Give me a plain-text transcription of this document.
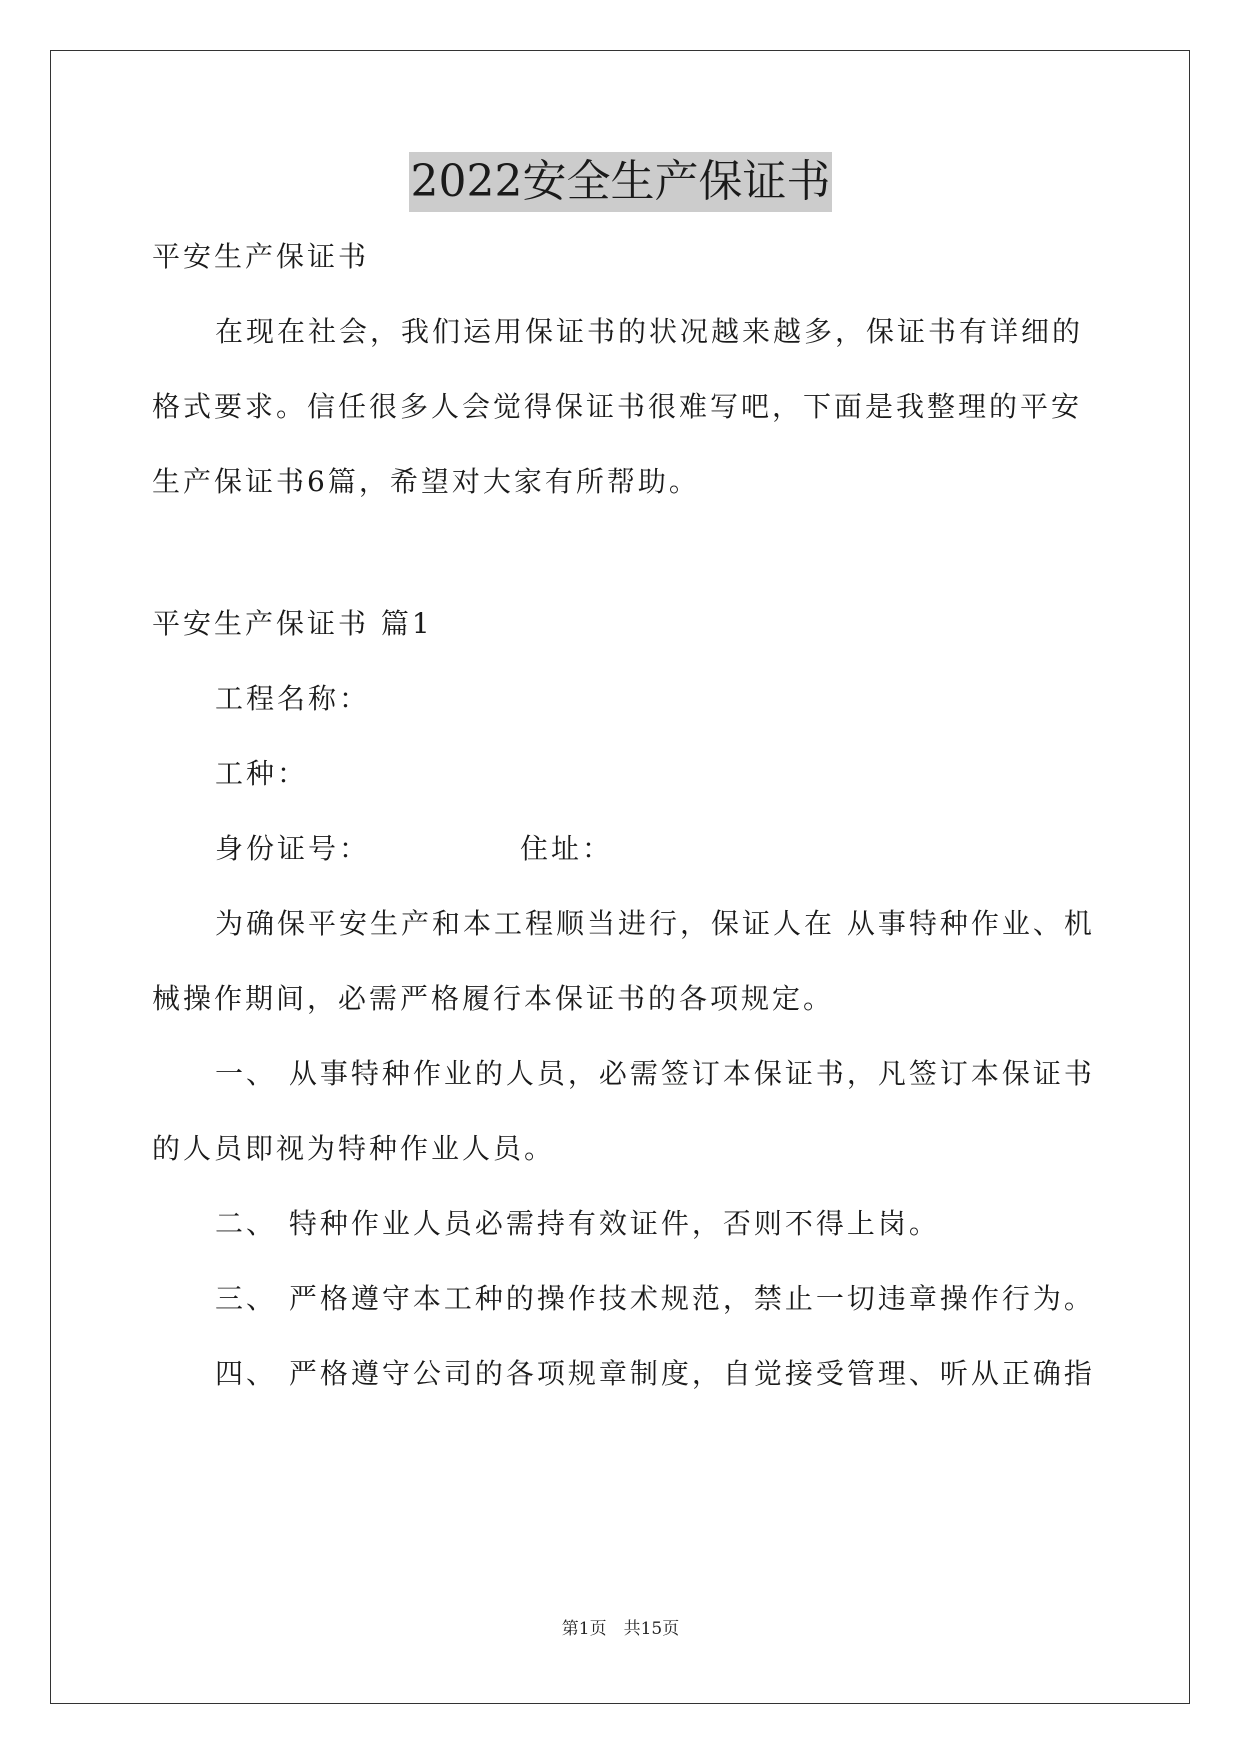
2022安全生产保证书
平安生产保证书
在现在社会，我们运用保证书的状况越来越多，保证书有详细的
格式要求。信任很多人会觉得保证书很难写吧，下面是我整理的平安
生产保证书6篇，希望对大家有所帮助。
平安生产保证书 篇1
工程名称：
工种：
身份证号：	住址：
为确保平安生产和本工程顺当进行，保证人在 从事特种作业、机
械操作期间，必需严格履行本保证书的各项规定。
一、 从事特种作业的人员，必需签订本保证书，凡签订本保证书
的人员即视为特种作业人员。
二、 特种作业人员必需持有效证件，否则不得上岗。
三、 严格遵守本工种的操作技术规范，禁止一切违章操作行为。
四、 严格遵守公司的各项规章制度，自觉接受管理、听从正确指
第1页　共15页
